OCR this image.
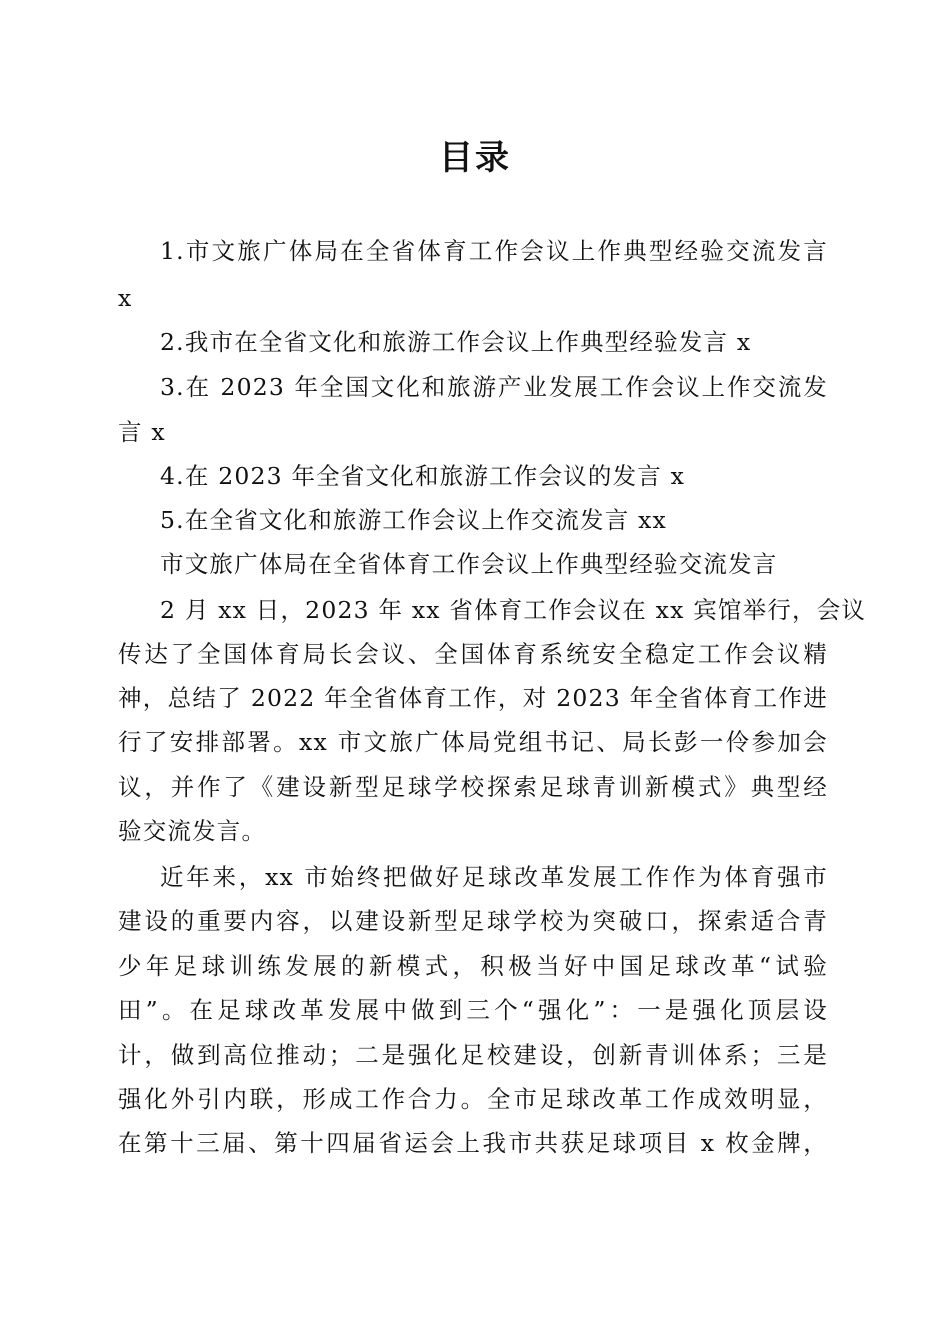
目录
1.市文旅广体局在全省体育工作会议上作典型经验交流发言
x
2.我市在全省文化和旅游工作会议上作典型经验发言 x
3.在 2023 年全国文化和旅游产业发展工作会议上作交流发
言 x
4.在 2023 年全省文化和旅游工作会议的发言 x
5.在全省文化和旅游工作会议上作交流发言 xx
市文旅广体局在全省体育工作会议上作典型经验交流发言
2 月 xx 日，2023 年 xx 省体育工作会议在 xx 宾馆举行，会议
传达了全国体育局长会议、全国体育系统安全稳定工作会议精
神，总结了 2022 年全省体育工作，对 2023 年全省体育工作进
行了安排部署。xx 市文旅广体局党组书记、局长彭一伶参加会
议，并作了《建设新型足球学校探索足球青训新模式》典型经
验交流发言。
近年来，xx 市始终把做好足球改革发展工作作为体育强市
建设的重要内容，以建设新型足球学校为突破口，探索适合青
少年足球训练发展的新模式，积极当好中国足球改革“试验
田”。在足球改革发展中做到三个“强化”：一是强化顶层设
计，做到高位推动；二是强化足校建设，创新青训体系；三是
强化外引内联，形成工作合力。全市足球改革工作成效明显，
在第十三届、第十四届省运会上我市共获足球项目 x 枚金牌，
